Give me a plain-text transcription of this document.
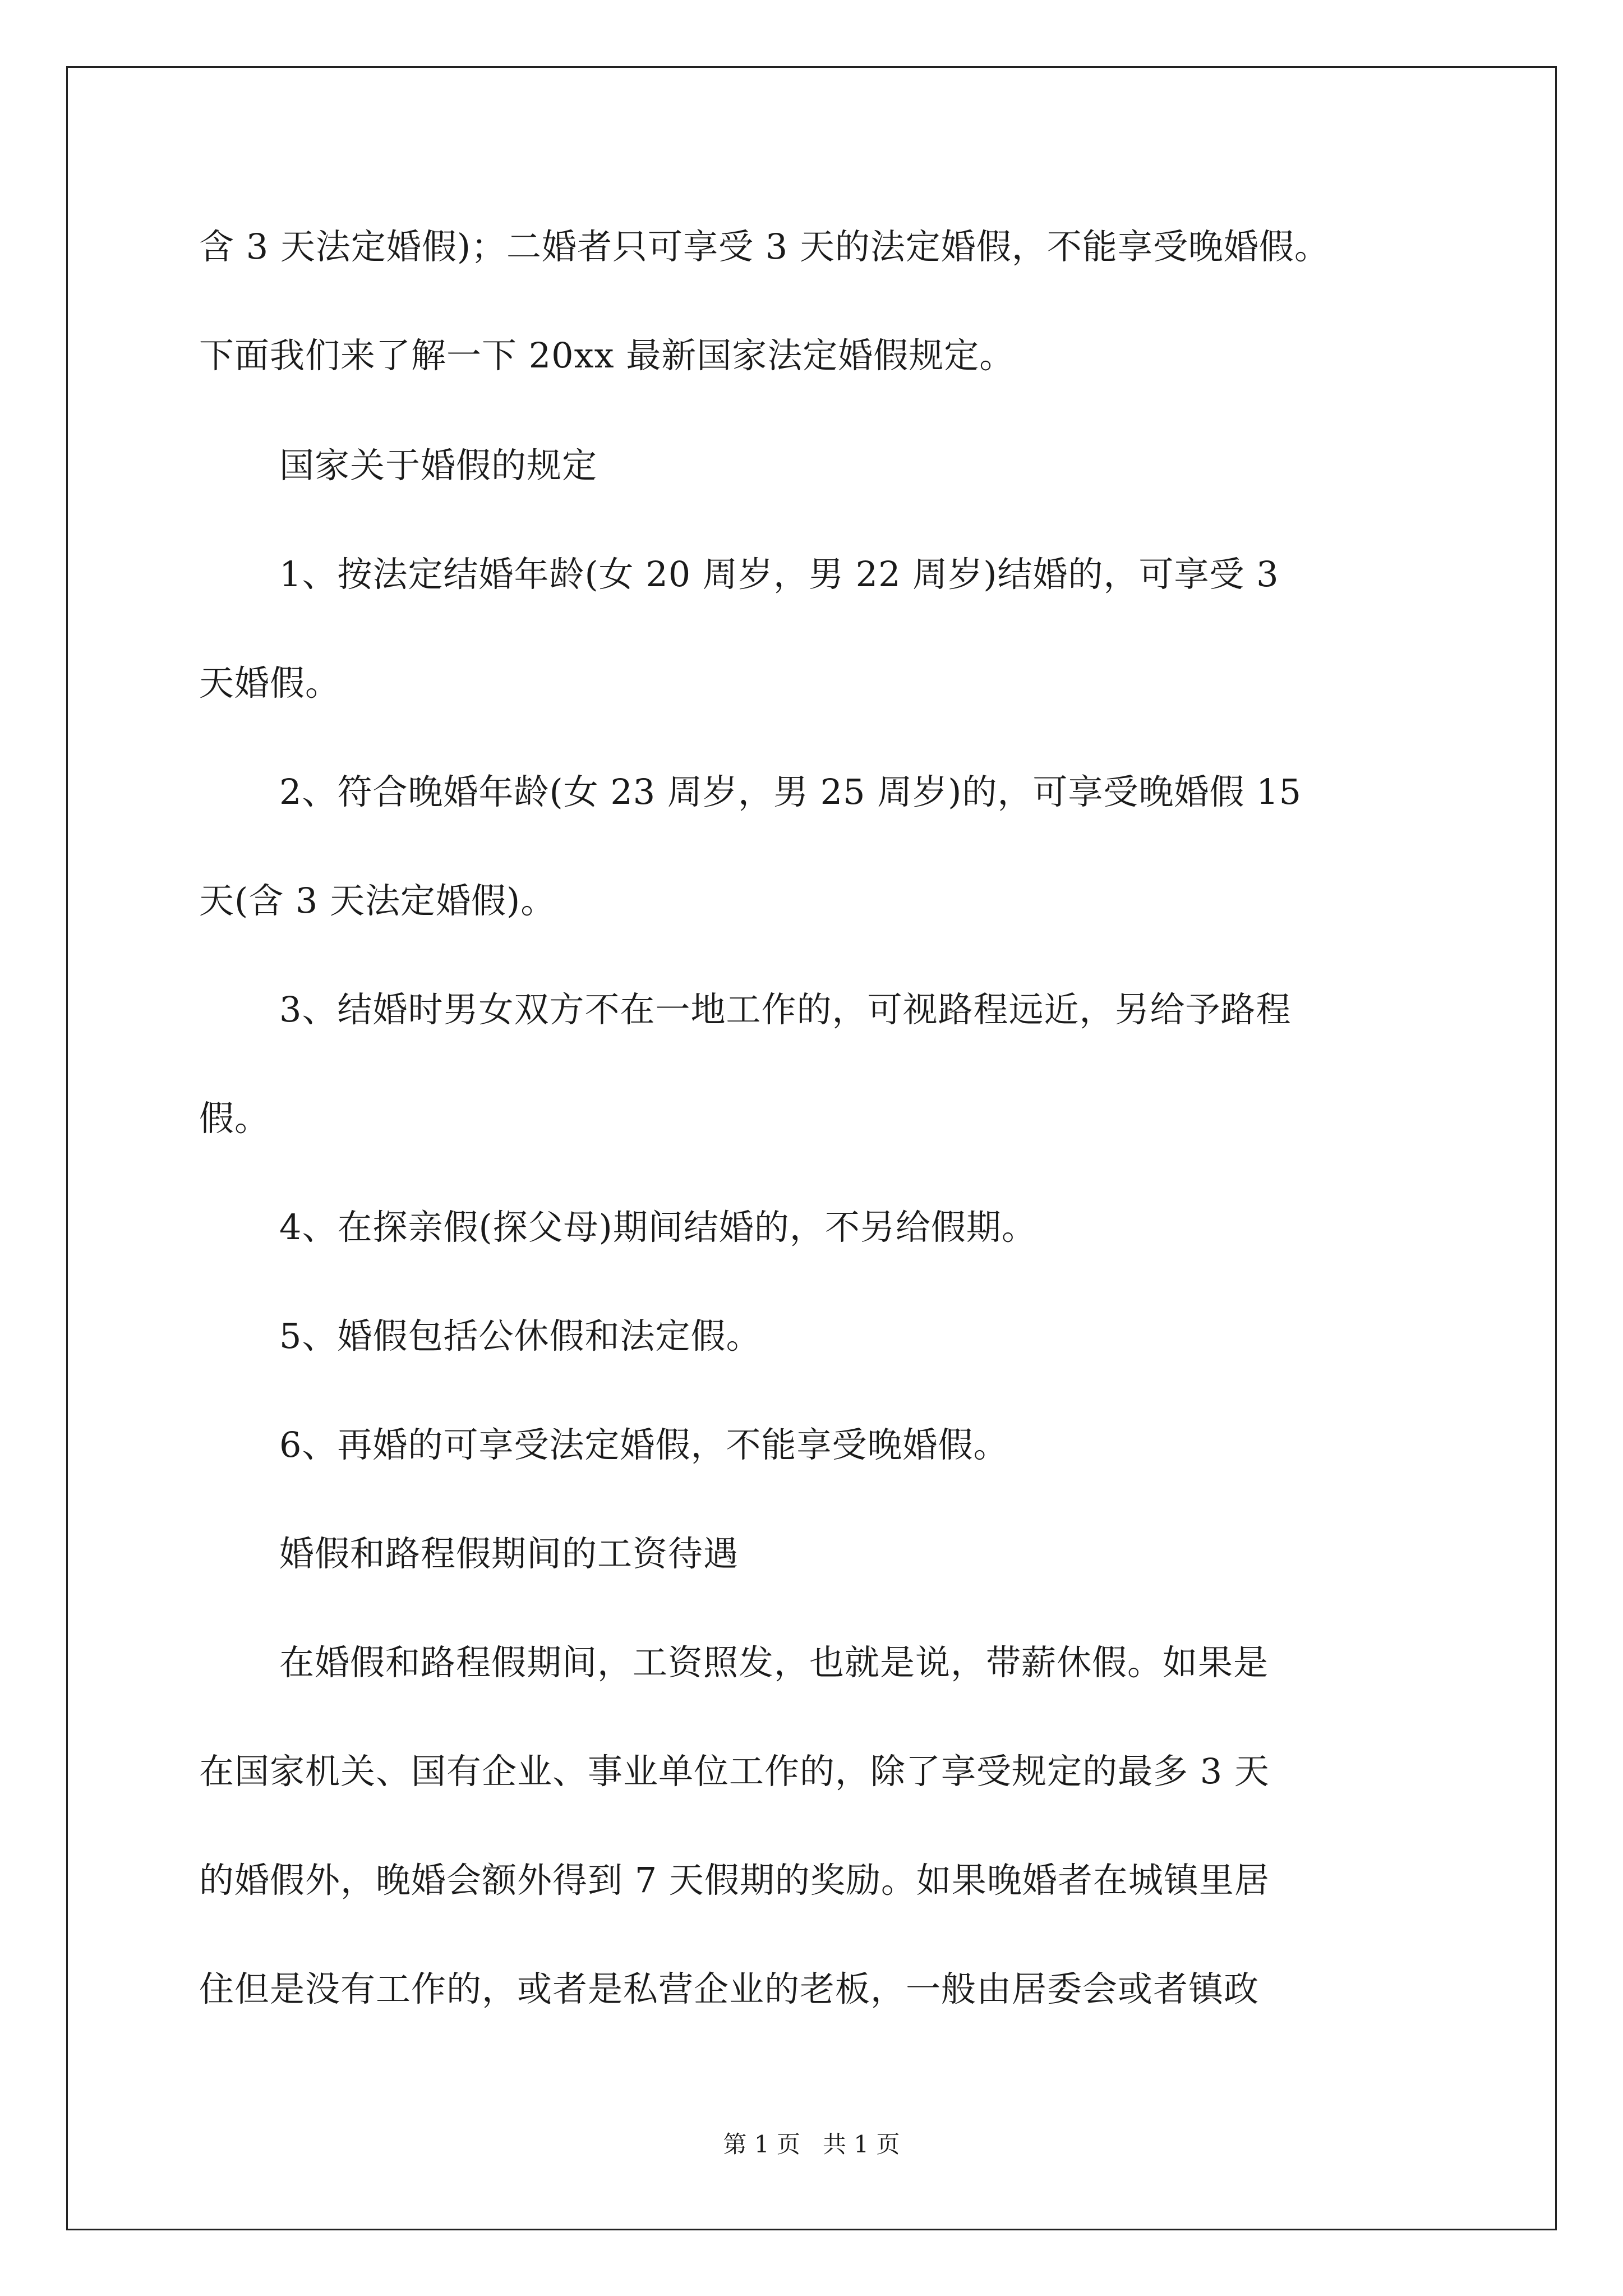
含 3 天法定婚假)；二婚者只可享受 3 天的法定婚假，不能享受晚婚假。
下面我们来了解一下 20xx 最新国家法定婚假规定。
国家关于婚假的规定
1、按法定结婚年龄(女 20 周岁，男 22 周岁)结婚的，可享受 3
天婚假。
2、符合晚婚年龄(女 23 周岁，男 25 周岁)的，可享受晚婚假 15
天(含 3 天法定婚假)。
3、结婚时男女双方不在一地工作的，可视路程远近，另给予路程
假。
4、在探亲假(探父母)期间结婚的，不另给假期。
5、婚假包括公休假和法定假。
6、再婚的可享受法定婚假，不能享受晚婚假。
婚假和路程假期间的工资待遇
在婚假和路程假期间，工资照发，也就是说，带薪休假。如果是
在国家机关、国有企业、事业单位工作的，除了享受规定的最多 3 天
的婚假外，晚婚会额外得到 7 天假期的奖励。如果晚婚者在城镇里居
住但是没有工作的，或者是私营企业的老板，一般由居委会或者镇政
第 1 页   共 1 页
